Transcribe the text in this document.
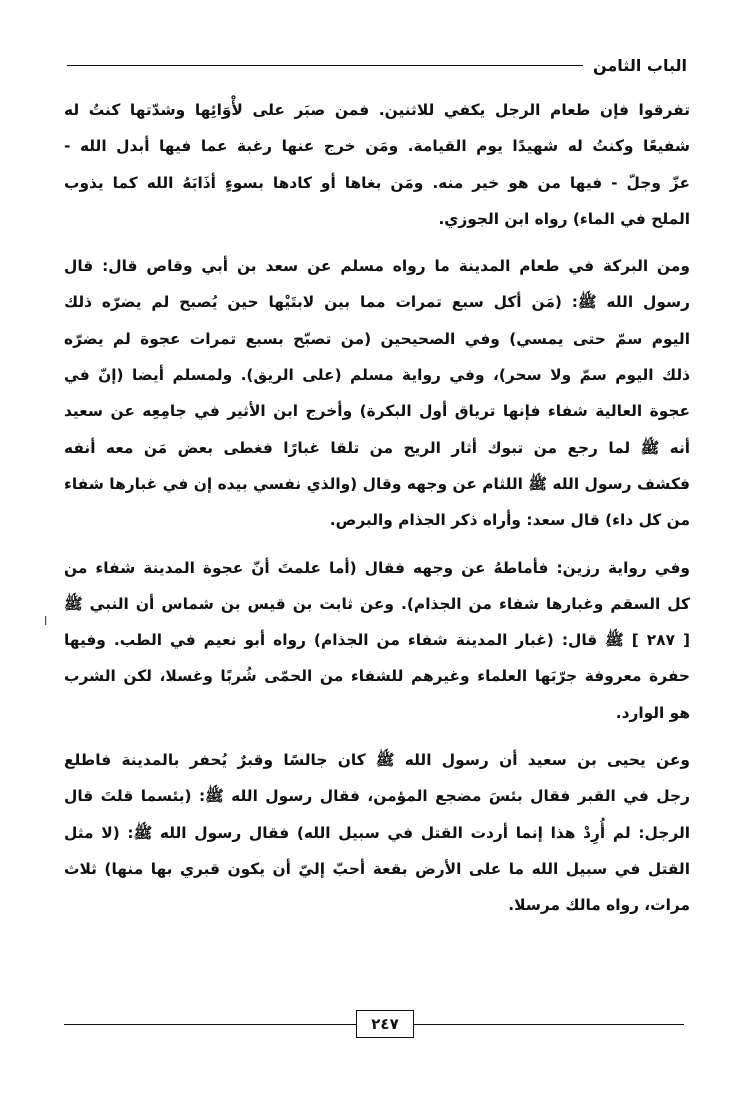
الباب الثامن
تفرقوا فإن طعام الرجل يكفي للاثنين. فمن صبَر على لأْوَائِها وشدّتها كنتُ له
شفيعًا وكنتُ له شهيدًا يوم القيامة. ومَن خرج عنها رغبة عما فيها أبدل الله -
عزّ وجلّ - فيها من هو خير منه. ومَن بغاها أو كادها بسوءٍ أذَابَهُ الله كما يذوب
الملح في الماء) رواه ابن الجوزي.
ومن البركة في طعام المدينة ما رواه مسلم عن سعد بن أبي وقاص قال: قال
رسول الله ﷺ: (مَن أكل سبع تمرات مما بين لابتَيْها حين يُصبح لم يضرّه ذلك
اليوم سمّ حتى يمسي) وفي الصحيحين (من تصبّح بسبع تمرات عجوة لم يضرّه
ذلك اليوم سمّ ولا سحر)، وفي رواية مسلم (على الريق). ولمسلم أيضا (إنّ في
عجوة العالية شفاء فإنها ترياق أول البكرة) وأخرج ابن الأثير في جامِعِه عن سعيد
أنه ﷺ لما رجع من تبوك أثار الريح من تلقا غبارًا فغطى بعض مَن معه أنفه
فكشف رسول الله ﷺ اللثام عن وجهه وقال (والذي نفسي بيده إن في غبارها شفاء
من كل داء) قال سعد: وأراه ذكر الجذام والبرص.
وفي رواية رزين: فأماطهُ عن وجهه فقال (أما علمتَ أنّ عجوة المدينة شفاء من
كل السقم وغبارها شفاء من الجذام). وعن ثابت بن قيس بن شماس أن النبي ﷺ
[ ٢٨٧ ] ﷺ قال: (غبار المدينة شفاء من الجذام) رواه أبو نعيم في الطب. وفيها
حفرة معروفة جرّبَها العلماء وغيرهم للشفاء من الحمّى شُربًا وغسلا، لكن الشرب
هو الوارد.
وعن يحيى بن سعيد أن رسول الله ﷺ كان جالسًا وقبرٌ يُحفر بالمدينة فاطلع
رجل في القبر فقال بئسَ مضجع المؤمن، فقال رسول الله ﷺ: (بئسما قلتَ قال
الرجل: لم أُرِدْ هذا إنما أردت القتل في سبيل الله) فقال رسول الله ﷺ: (لا مثل
القتل في سبيل الله ما على الأرض بقعة أحبّ إليّ أن يكون قبري بها منها) ثلاث
مرات، رواه مالك مرسلا.
ا
٢٤٧
